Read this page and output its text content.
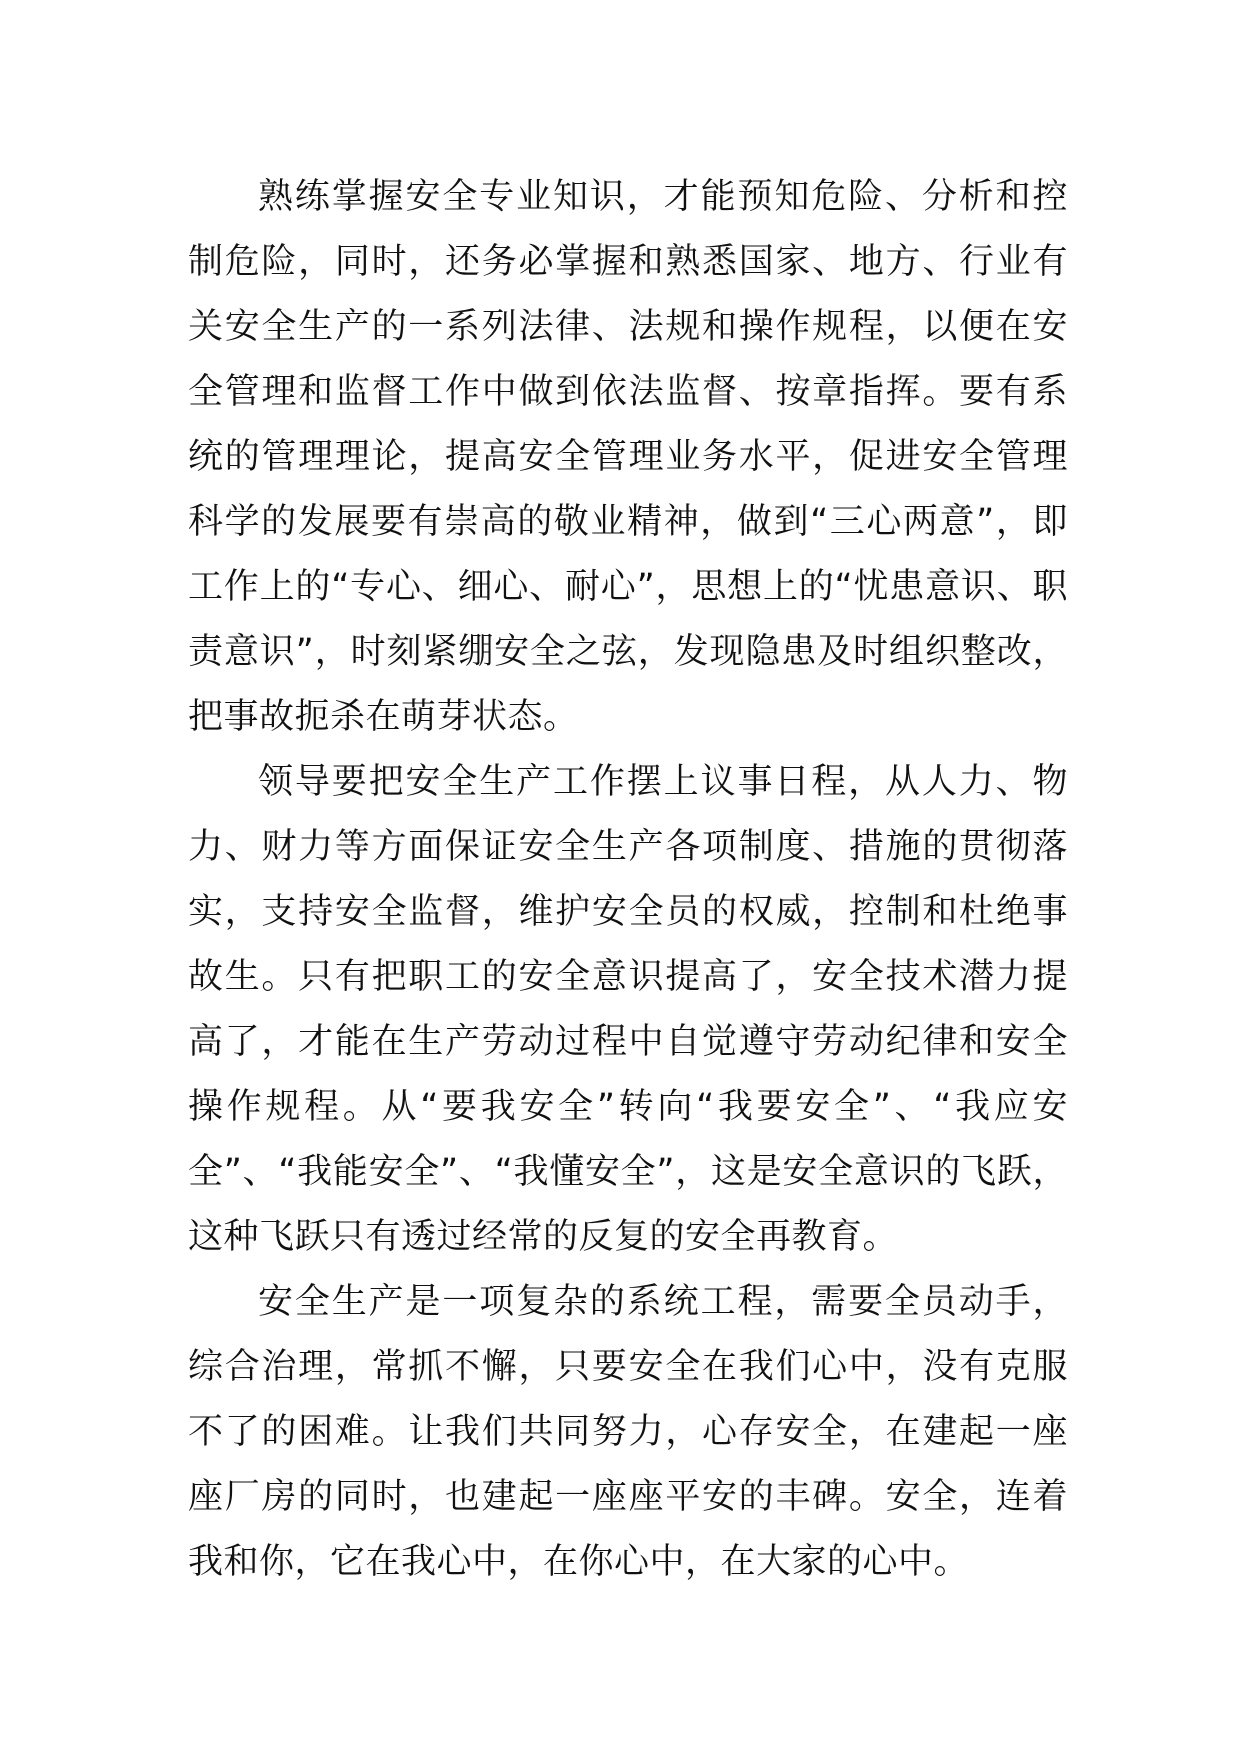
熟练掌握安全专业知识，才能预知危险、分析和控制危险，同时，还务必掌握和熟悉国家、地方、行业有关安全生产的一系列法律、法规和操作规程，以便在安全管理和监督工作中做到依法监督、按章指挥。要有系统的管理理论，提高安全管理业务水平，促进安全管理科学的发展要有崇高的敬业精神，做到“三心两意”，即工作上的“专心、细心、耐心”，思想上的“忧患意识、职责意识”，时刻紧绷安全之弦，发现隐患及时组织整改，把事故扼杀在萌芽状态。

领导要把安全生产工作摆上议事日程，从人力、物力、财力等方面保证安全生产各项制度、措施的贯彻落实，支持安全监督，维护安全员的权威，控制和杜绝事故生。只有把职工的安全意识提高了，安全技术潜力提高了，才能在生产劳动过程中自觉遵守劳动纪律和安全操作规程。从“要我安全”转向“我要安全”、“我应安全”、“我能安全”、“我懂安全”，这是安全意识的飞跃，这种飞跃只有透过经常的反复的安全再教育。

安全生产是一项复杂的系统工程，需要全员动手，综合治理，常抓不懈，只要安全在我们心中，没有克服不了的困难。让我们共同努力，心存安全，在建起一座座厂房的同时，也建起一座座平安的丰碑。安全，连着我和你，它在我心中，在你心中，在大家的心中。
